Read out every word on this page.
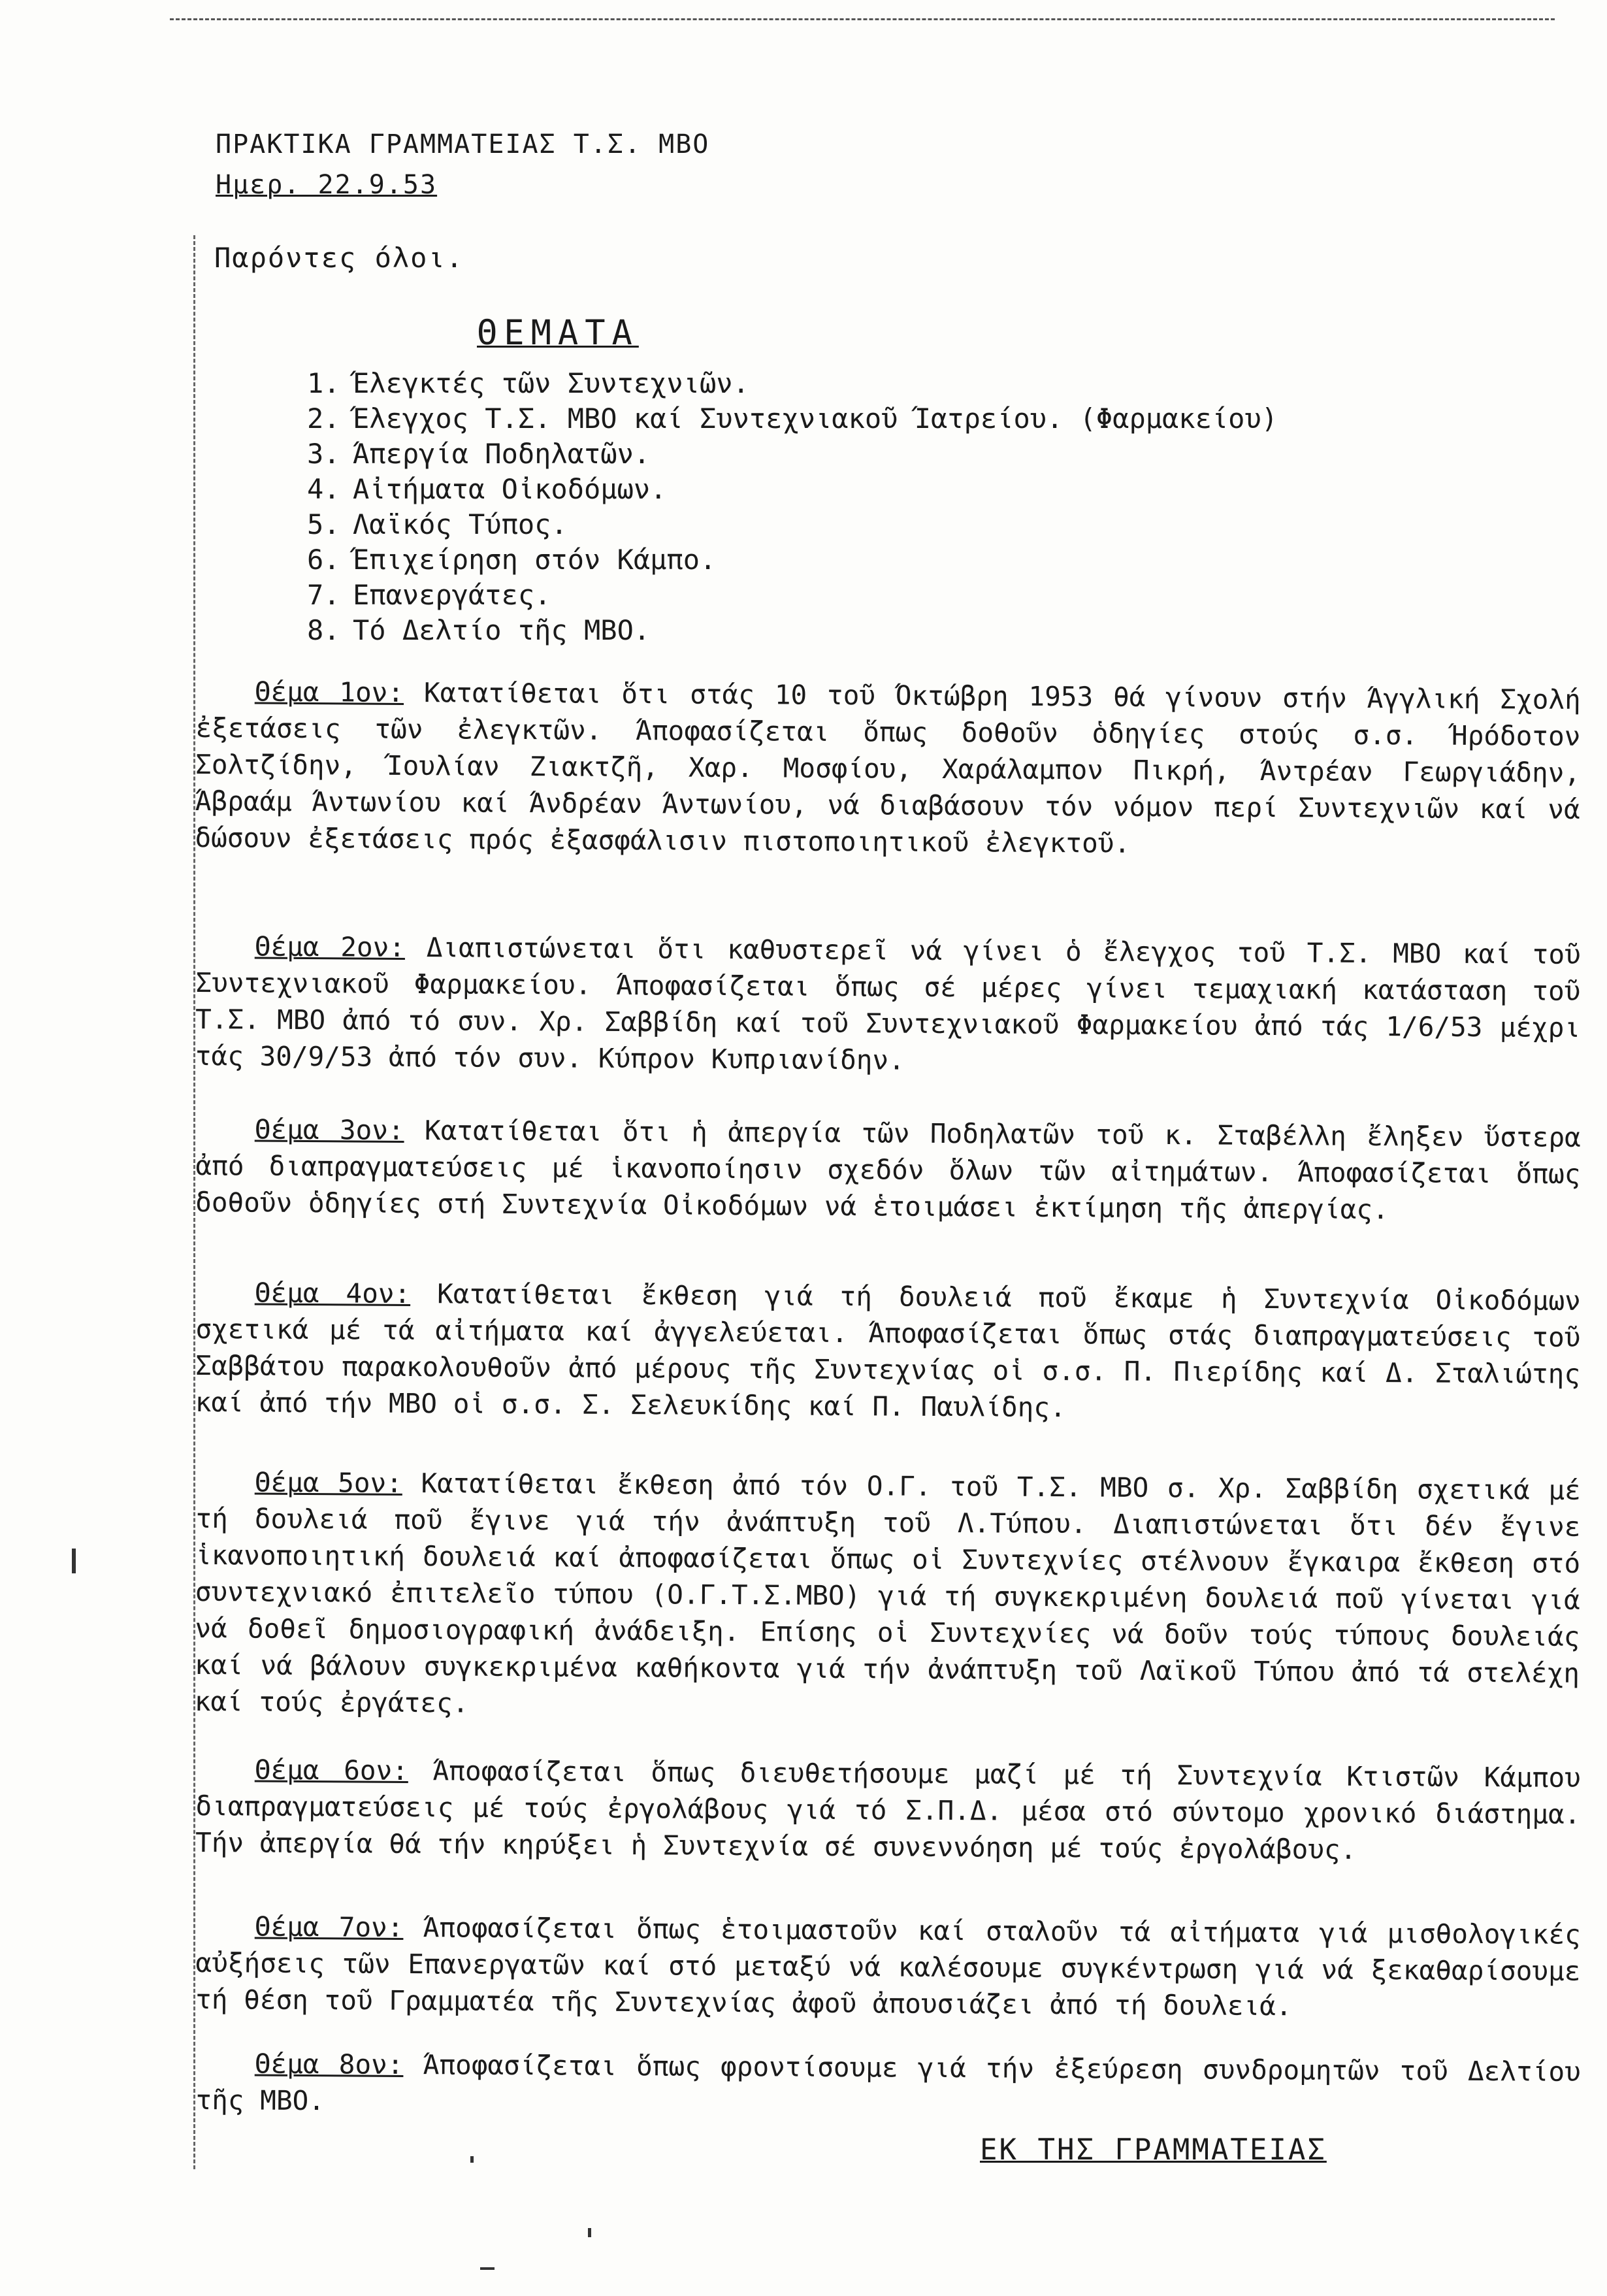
ΠΡΑΚΤΙΚΑ ΓΡΑΜΜΑΤΕΙΑΣ Τ.Σ. ΜΒΟ
Ημερ. 22.9.53
Παρόντες όλοι.
ΘΕΜΑΤΑ
1. Έλεγκτές τῶν Συντεχνιῶν.
2. Έλεγχος Τ.Σ. ΜΒΟ καί Συντεχνιακοῦ Ίατρείου. (Φαρμακείου)
3. Άπεργία Ποδηλατῶν.
4. Αἰτήματα Οἰκοδόμων.
5. Λαϊκός Τύπος.
6. Έπιχείρηση στόν Κάμπο.
7. Επανεργάτες.
8. Τό Δελτίο τῆς ΜΒΟ.
Θέμα 1ον: Κατατίθεται ὅτι στάς 10 τοῦ Όκτώβρη 1953 θά γίνουν στήν Άγγλική Σχολή ἐξετάσεις τῶν ἐλεγκτῶν. Άποφασίζεται ὅπως δοθοῦν ὁδηγίες στούς σ.σ. Ήρόδοτον Σολτζίδην, Ίουλίαν Ζιακτζῆ, Χαρ. Μοσφίου, Χαράλαμπον Πικρή, Άντρέαν Γεωργιάδην, Άβραάμ Άντωνίου καί Άνδρέαν Άντωνίου, νά διαβάσουν τόν νόμον περί Συντεχνιῶν καί νά δώσουν ἐξετάσεις πρός ἐξασφάλισιν πιστοποιητικοῦ ἐλεγκτοῦ.
Θέμα 2ον: Διαπιστώνεται ὅτι καθυστερεῖ νά γίνει ὁ ἔλεγχος τοῦ Τ.Σ. ΜΒΟ καί τοῦ Συντεχνιακοῦ Φαρμακείου. Άποφασίζεται ὅπως σέ μέρες γίνει τεμαχιακή κατάσταση τοῦ Τ.Σ. ΜΒΟ ἀπό τό συν. Χρ. Σαββίδη καί τοῦ Συντεχνιακοῦ Φαρμακείου ἀπό τάς 1/6/53 μέχρι τάς 30/9/53 ἀπό τόν συν. Κύπρον Κυπριανίδην.
Θέμα 3ον: Κατατίθεται ὅτι ἡ ἀπεργία τῶν Ποδηλατῶν τοῦ κ. Σταβέλλη ἔληξεν ὕστερα ἀπό διαπραγματεύσεις μέ ἱκανοποίησιν σχεδόν ὅλων τῶν αἰτημάτων. Άποφασίζεται ὅπως δοθοῦν ὁδηγίες στή Συντεχνία Οἰκοδόμων νά ἑτοιμάσει ἐκτίμηση τῆς ἀπεργίας.
Θέμα 4ον: Κατατίθεται ἔκθεση γιά τή δουλειά ποῦ ἔκαμε ἡ Συντεχνία Οἰκοδόμων σχετικά μέ τά αἰτήματα καί ἀγγελεύεται. Άποφασίζεται ὅπως στάς διαπραγματεύσεις τοῦ Σαββάτου παρακολουθοῦν ἀπό μέρους τῆς Συντεχνίας οἱ σ.σ. Π. Πιερίδης καί Δ. Σταλιώτης καί ἀπό τήν ΜΒΟ οἱ σ.σ. Σ. Σελευκίδης καί Π. Παυλίδης.
Θέμα 5ον: Κατατίθεται ἔκθεση ἀπό τόν Ο.Γ. τοῦ Τ.Σ. ΜΒΟ σ. Χρ. Σαββίδη σχετικά μέ τή δουλειά ποῦ ἔγινε γιά τήν ἀνάπτυξη τοῦ Λ.Τύπου. Διαπιστώνεται ὅτι δέν ἔγινε ἱκανοποιητική δουλειά καί ἀποφασίζεται ὅπως οἱ Συντεχνίες στέλνουν ἔγκαιρα ἔκθεση στό συντεχνιακό ἐπιτελεῖο τύπου (Ο.Γ.Τ.Σ.ΜΒΟ) γιά τή συγκεκριμένη δουλειά ποῦ γίνεται γιά νά δοθεῖ δημοσιογραφική ἀνάδειξη. Επίσης οἱ Συντεχνίες νά δοῦν τούς τύπους δουλειάς καί νά βάλουν συγκεκριμένα καθήκοντα γιά τήν ἀνάπτυξη τοῦ Λαϊκοῦ Τύπου ἀπό τά στελέχη καί τούς ἐργάτες.
Θέμα 6ον: Άποφασίζεται ὅπως διευθετήσουμε μαζί μέ τή Συντεχνία Κτιστῶν Κάμπου διαπραγματεύσεις μέ τούς ἐργολάβους γιά τό Σ.Π.Δ. μέσα στό σύντομο χρονικό διάστημα. Τήν ἀπεργία θά τήν κηρύξει ἡ Συντεχνία σέ συνεννόηση μέ τούς ἐργολάβους.
Θέμα 7ον: Άποφασίζεται ὅπως ἑτοιμαστοῦν καί σταλοῦν τά αἰτήματα γιά μισθολογικές αὐξήσεις τῶν Επανεργατῶν καί στό μεταξύ νά καλέσουμε συγκέντρωση γιά νά ξεκαθαρίσουμε τή θέση τοῦ Γραμματέα τῆς Συντεχνίας ἀφοῦ ἀπουσιάζει ἀπό τή δουλειά.
Θέμα 8ον: Άποφασίζεται ὅπως φροντίσουμε γιά τήν ἐξεύρεση συνδρομητῶν τοῦ Δελτίου τῆς ΜΒΟ.
ΕΚ ΤΗΣ ΓΡΑΜΜΑΤΕΙΑΣ
